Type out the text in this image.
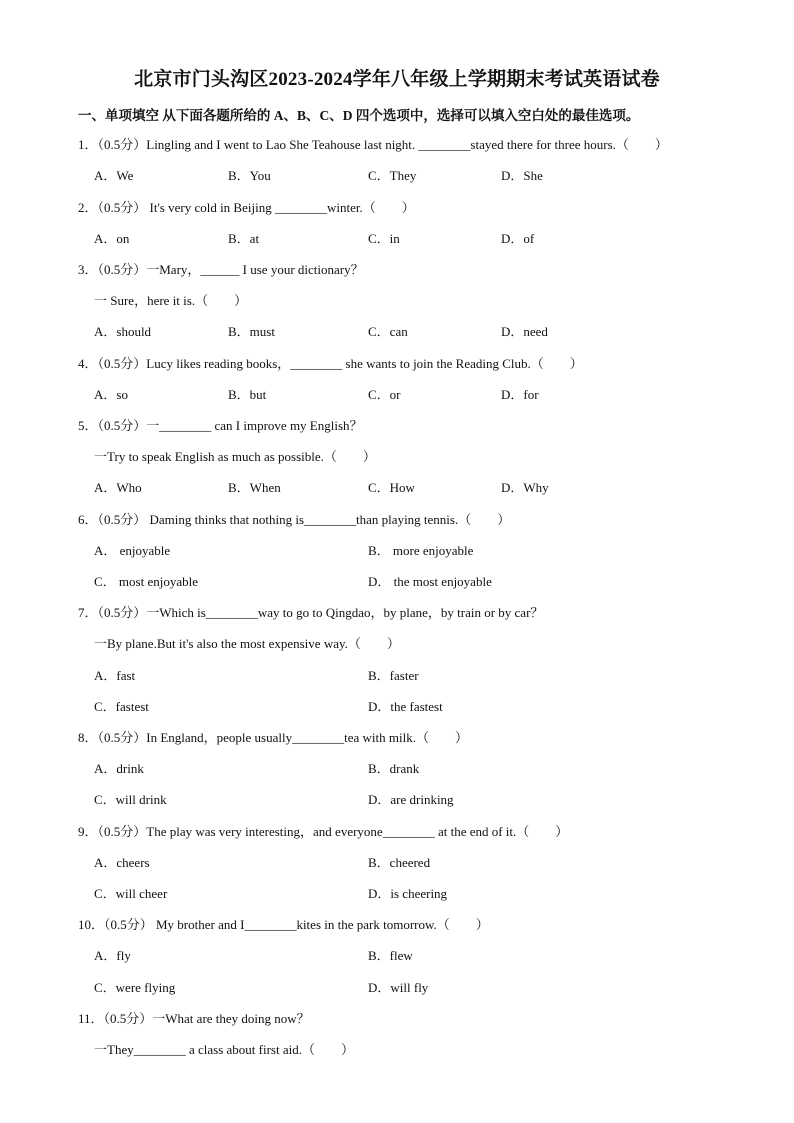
北京市门头沟区2023-2024学年八年级上学期期末考试英语试卷
一、单项填空 从下面各题所给的 A、B、C、D 四个选项中，选择可以填入空白处的最佳选项。
1．（0.5分）Lingling and I went to Lao She Teahouse last night. ________stayed there for three hours.（　　）
A．We	B．You	C．They	D．She
2．（0.5分） It's very cold in Beijing ________winter.（　　）
A．on	B．at	C．in	D．of
3．（0.5分）一Mary，______ I use your dictionary？
一 Sure，here it is.（　　）
A．should	B．must	C．can	D．need
4．（0.5分）Lucy likes reading books，________ she wants to join the Reading Club.（　　）
A．so	B．but	C．or	D．for
5．（0.5分）一________ can I improve my English？
一Try to speak English as much as possible.（　　）
A．Who	B．When	C．How	D．Why
6．（0.5分） Daming thinks that nothing is________than playing tennis.（　　）
A． enjoyable	B． more enjoyable
C． most enjoyable	D． the most enjoyable
7．（0.5分）一Which is________way to go to Qingdao，by plane，by train or by car？
一By plane.But it's also the most expensive way.（　　）
A．fast	B．faster
C．fastest	D．the fastest
8．（0.5分）In England，people usually________tea with milk.（　　）
A．drink	B．drank
C．will drink	D．are drinking
9．（0.5分）The play was very interesting，and everyone________ at the end of it.（　　）
A．cheers	B．cheered
C．will cheer	D．is cheering
10．（0.5分） My brother and I________kites in the park tomorrow.（　　）
A．fly	B．flew
C．were flying	D．will fly
11．（0.5分）一What are they doing now？
一They________ a class about first aid.（　　）
